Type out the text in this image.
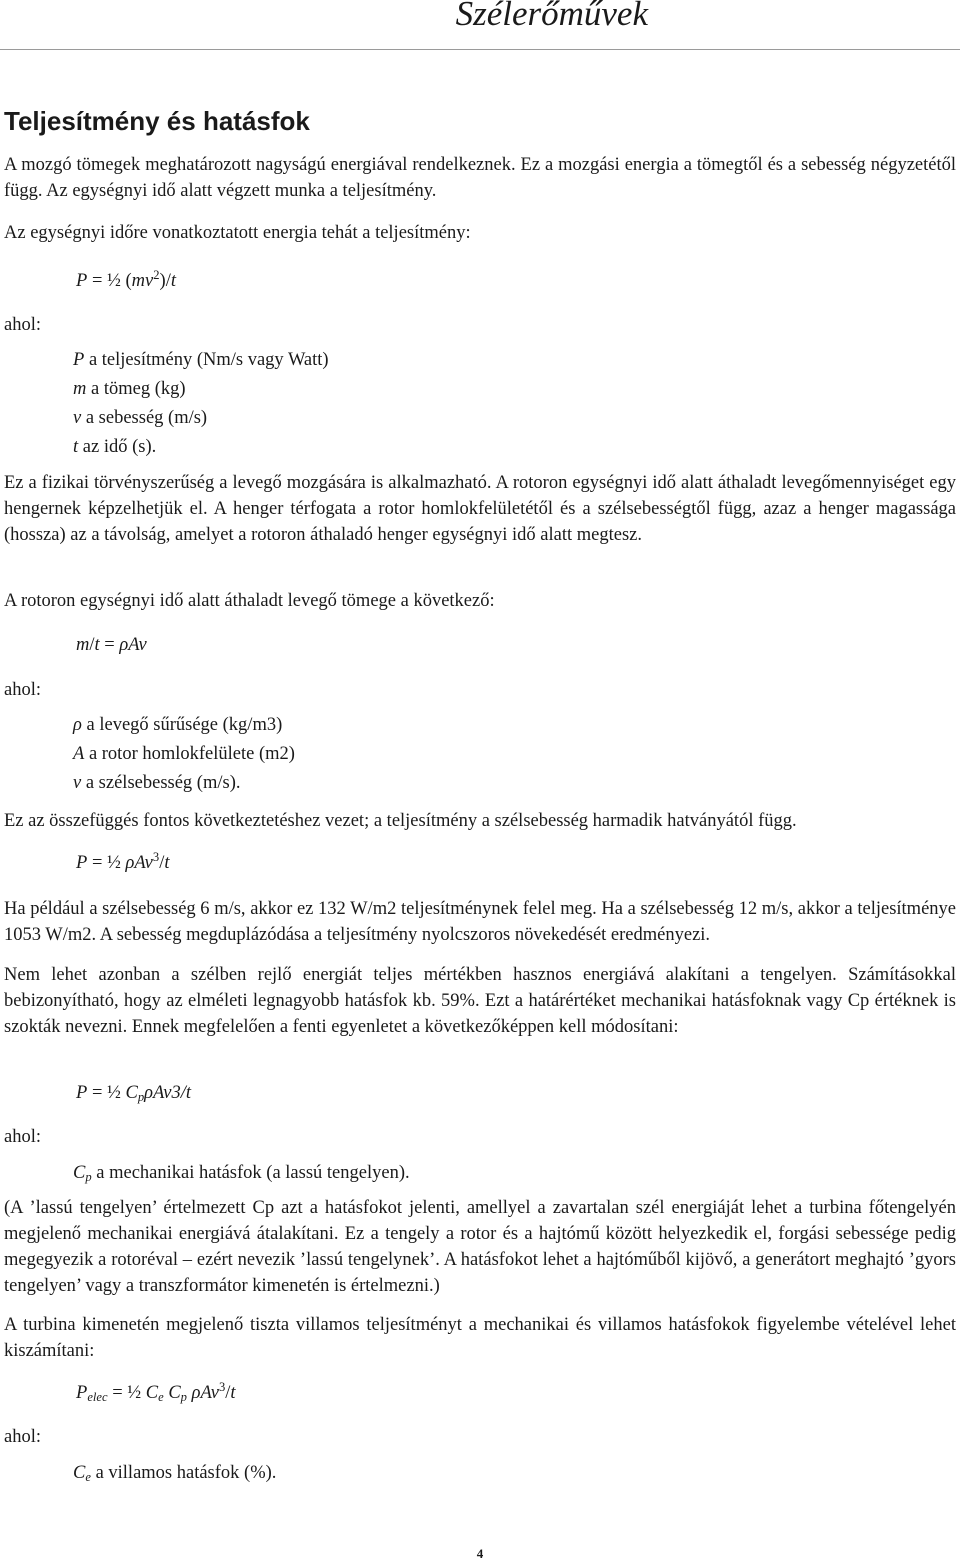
Szélerőművek
Teljesítmény és hatásfok

A mozgó tömegek meghatározott nagyságú energiával rendelkeznek. Ez a mozgási energia a tömegtől és a sebesség négyzetétől függ. Az egységnyi idő alatt végzett munka a teljesítmény.

Az egységnyi időre vonatkoztatott energia tehát a teljesítmény:

P = ½ $(mv^2)/t$
ahol:
P a teljesítmény (Nm/s vagy Watt)
m a tömeg (kg)
v a sebesség (m/s)
t az idő (s).

Ez a fizikai törvényszerűség a levegő mozgására is alkalmazható. A rotoron egységnyi idő alatt áthaladt levegőmennyiséget egy hengernek képzelhetjük el. A henger térfogata a rotor homlokfelületétől és a szélsebességtől függ, azaz a henger magassága (hossza) az a távolság, amelyet a rotoron áthaladó henger egységnyi idő alatt megtesz.

A rotoron egységnyi idő alatt áthaladt levegő tömege a következő:

m/t = ρAv
ahol:
ρ a levegő sűrűsége (kg/m3)
A a rotor homlokfelülete (m2)
v a szélsebesség (m/s).

Ez az összefüggés fontos következtetéshez vezet; a teljesítmény a szélsebesség harmadik hatványától függ.

P = ½ ρAv$^3$/t

Ha például a szélsebesség 6 m/s, akkor ez 132 W/m2 teljesítménynek felel meg. Ha a szélsebesség 12 m/s, akkor a teljesítménye 1053 W/m2. A sebesség megduplázódása a teljesítmény nyolcszoros növekedését eredményezi.

Nem lehet azonban a szélben rejlő energiát teljes mértékben hasznos energiává alakítani a tengelyen. Számításokkal bebizonyítható, hogy az elméleti legnagyobb hatásfok kb. 59%. Ezt a határértéket mechanikai hatásfoknak vagy Cp értéknek is szokták nevezni. Ennek megfelelően a fenti egyenletet a következőképpen kell módosítani:

P = ½ $C_p\rho Av3/t$
ahol:
$C_p$ a mechanikai hatásfok (a lassú tengelyen).

(A ’lassú tengelyen’ értelmezett Cp azt a hatásfokot jelenti, amellyel a zavartalan szél energiáját lehet a turbina főtengelyén megjelenő mechanikai energiává átalakítani. Ez a tengely a rotor és a hajtómű között helyezkedik el, forgási sebessége pedig megegyezik a rotoréval – ezért nevezik ’lassú tengelynek’. A hatásfokot lehet a hajtóműből kijövő, a generátort meghajtó ’gyors tengelyen’ vagy a transzformátor kimenetén is értelmezni.)

A turbina kimenetén megjelenő tiszta villamos teljesítményt a mechanikai és villamos hatásfokok figyelembe vételével lehet kiszámítani:

$P_{elec}$ = ½ $C_e$ $C_p$ ρAv$^3$/t
ahol:
$C_e$ a villamos hatásfok (%).
4
